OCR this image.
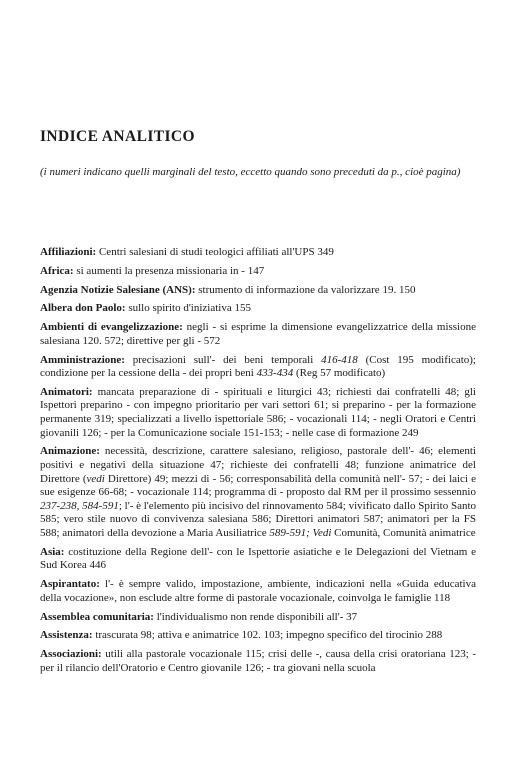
INDICE ANALITICO
(i numeri indicano quelli marginali del testo, eccetto quando sono preceduti da p., cioè pagina)

Affiliazioni: Centri salesiani di studi teologici affiliati all'UPS 349

Africa: si aumenti la presenza missionaria in - 147

Agenzia Notizie Salesiane (ANS): strumento di informazione da valorizzare 19. 150

Albera don Paolo: sullo spirito d'iniziativa 155

Ambienti di evangelizzazione: negli - si esprime la dimensione evangelizzatrice della missione salesiana 120. 572; direttive per gli - 572

Amministrazione: precisazioni sull'- dei beni temporali 416-418 (Cost 195 modificato); condizione per la cessione della - dei propri beni 433-434 (Reg 57 modificato)

Animatori: mancata preparazione di - spirituali e liturgici 43; richiesti dai confratelli 48; gli Ispettori preparino - con impegno prioritario per vari settori 61; si preparino - per la formazione permanente 319; specializzati a livello ispettoriale 586; - vocazionali 114; - negli Oratori e Centri giovanili 126; - per la Comunicazione sociale 151-153; - nelle case di formazione 249

Animazione: necessità, descrizione, carattere salesiano, religioso, pastorale dell'- 46; elementi positivi e negativi della situazione 47; richieste dei confratelli 48; funzione animatrice del Direttore (vedi Direttore) 49; mezzi di - 56; corresponsabilità della comunità nell'- 57; - dei laici e sue esigenze 66-68; - vocazionale 114; programma di - proposto dal RM per il prossimo sessennio 237-238, 584-591; l'- è l'elemento più incisivo del rinnovamento 584; vivificato dallo Spirito Santo 585; vero stile nuovo di convivenza salesiana 586; Direttori animatori 587; animatori per la FS 588; animatori della devozione a Maria Ausiliatrice 589-591; Vedi Comunità, Comunità animatrice

Asia: costituzione della Regione dell'- con le Ispettorie asiatiche e le Delegazioni del Vietnam e Sud Korea 446

Aspirantato: l'- è sempre valido, impostazione, ambiente, indicazioni nella «Guida educativa della vocazione», non esclude altre forme di pastorale vocazionale, coinvolga le famiglie 118

Assemblea comunitaria: l'individualismo non rende disponibili all'- 37

Assistenza: trascurata 98; attiva e animatrice 102. 103; impegno specifico del tirocinio 288

Associazioni: utili alla pastorale vocazionale 115; crisi delle -, causa della crisi oratoriana 123; - per il rilancio dell'Oratorio e Centro giovanile 126; - tra giovani nella scuola
